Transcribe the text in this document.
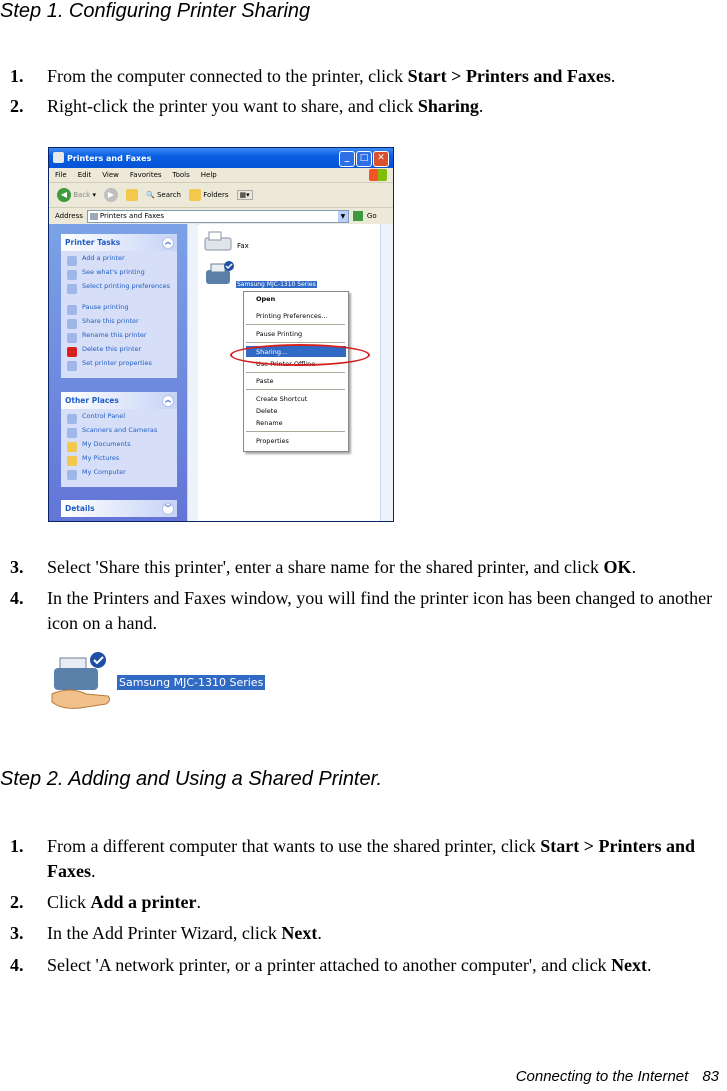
Step 1. Configuring Printer Sharing
1. From the computer connected to the printer, click Start > Printers and Faxes.
2. Right-click the printer you want to share, and click Sharing.
Printers and Faxes	_	□ ✕
File Edit View Favorites Tools Help
◀ Back ▾	▶	🔍 Search	Folders	▦▾
Address Printers and Faxes	▼	Go
Printer Tasks	︽
Add a printer
See what's printing
Select printing preferences
Pause printing
Share this printer
Rename this printer
Delete this printer
Set printer properties
Other Places	︽
Control Panel
Scanners and Cameras
My Documents
My Pictures
My Computer
Details	︾
Fax
Samsung MJC-1310 Series
Open
Printing Preferences...
Pause Printing
Sharing...
Use Printer Offline
Paste
Create Shortcut
Delete
Rename
Properties
3. Select 'Share this printer', enter a share name for the shared printer, and click OK.
4. In the Printers and Faxes window, you will find the printer icon has been changed to another icon on a hand.
Samsung MJC-1310 Series
Step 2. Adding and Using a Shared Printer.
1. From a different computer that wants to use the shared printer, click Start > Printers and Faxes.
2. Click Add a printer.
3. In the Add Printer Wizard, click Next.
4. Select 'A network printer, or a printer attached to another computer', and click Next.
Connecting to the Internet 83
